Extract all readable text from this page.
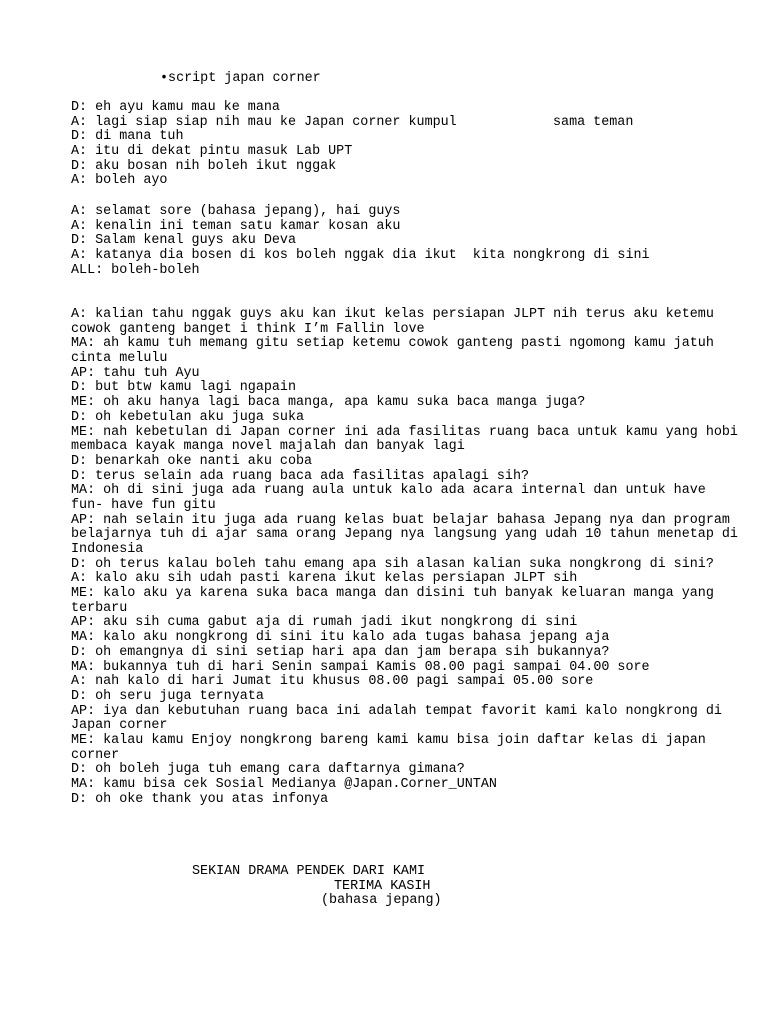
•script japan corner
D: eh ayu kamu mau ke mana
A: lagi siap siap nih mau ke Japan corner kumpul
D: di mana tuh
A: itu di dekat pintu masuk Lab UPT
D: aku bosan nih boleh ikut nggak
A: boleh ayo
sama teman
A: selamat sore (bahasa jepang), hai guys
A: kenalin ini teman satu kamar kosan aku
D: Salam kenal guys aku Deva
A: katanya dia bosen di kos boleh nggak dia ikut  kita nongkrong di sini
ALL: boleh-boleh
A: kalian tahu nggak guys aku kan ikut kelas persiapan JLPT nih terus aku ketemu
cowok ganteng banget i think I’m Fallin love
MA: ah kamu tuh memang gitu setiap ketemu cowok ganteng pasti ngomong kamu jatuh
cinta melulu
AP: tahu tuh Ayu
D: but btw kamu lagi ngapain
ME: oh aku hanya lagi baca manga, apa kamu suka baca manga juga?
D: oh kebetulan aku juga suka
ME: nah kebetulan di Japan corner ini ada fasilitas ruang baca untuk kamu yang hobi
membaca kayak manga novel majalah dan banyak lagi
D: benarkah oke nanti aku coba
D: terus selain ada ruang baca ada fasilitas apalagi sih?
MA: oh di sini juga ada ruang aula untuk kalo ada acara internal dan untuk have
fun- have fun gitu
AP: nah selain itu juga ada ruang kelas buat belajar bahasa Jepang nya dan program
belajarnya tuh di ajar sama orang Jepang nya langsung yang udah 10 tahun menetap di
Indonesia
D: oh terus kalau boleh tahu emang apa sih alasan kalian suka nongkrong di sini?
A: kalo aku sih udah pasti karena ikut kelas persiapan JLPT sih
ME: kalo aku ya karena suka baca manga dan disini tuh banyak keluaran manga yang
terbaru
AP: aku sih cuma gabut aja di rumah jadi ikut nongkrong di sini
MA: kalo aku nongkrong di sini itu kalo ada tugas bahasa jepang aja
D: oh emangnya di sini setiap hari apa dan jam berapa sih bukannya?
MA: bukannya tuh di hari Senin sampai Kamis 08.00 pagi sampai 04.00 sore
A: nah kalo di hari Jumat itu khusus 08.00 pagi sampai 05.00 sore
D: oh seru juga ternyata
AP: iya dan kebutuhan ruang baca ini adalah tempat favorit kami kalo nongkrong di
Japan corner
ME: kalau kamu Enjoy nongkrong bareng kami kamu bisa join daftar kelas di japan
corner
D: oh boleh juga tuh emang cara daftarnya gimana?
MA: kamu bisa cek Sosial Medianya @Japan.Corner_UNTAN
D: oh oke thank you atas infonya
SEKIAN DRAMA PENDEK DARI KAMI
TERIMA KASIH
(bahasa jepang)
